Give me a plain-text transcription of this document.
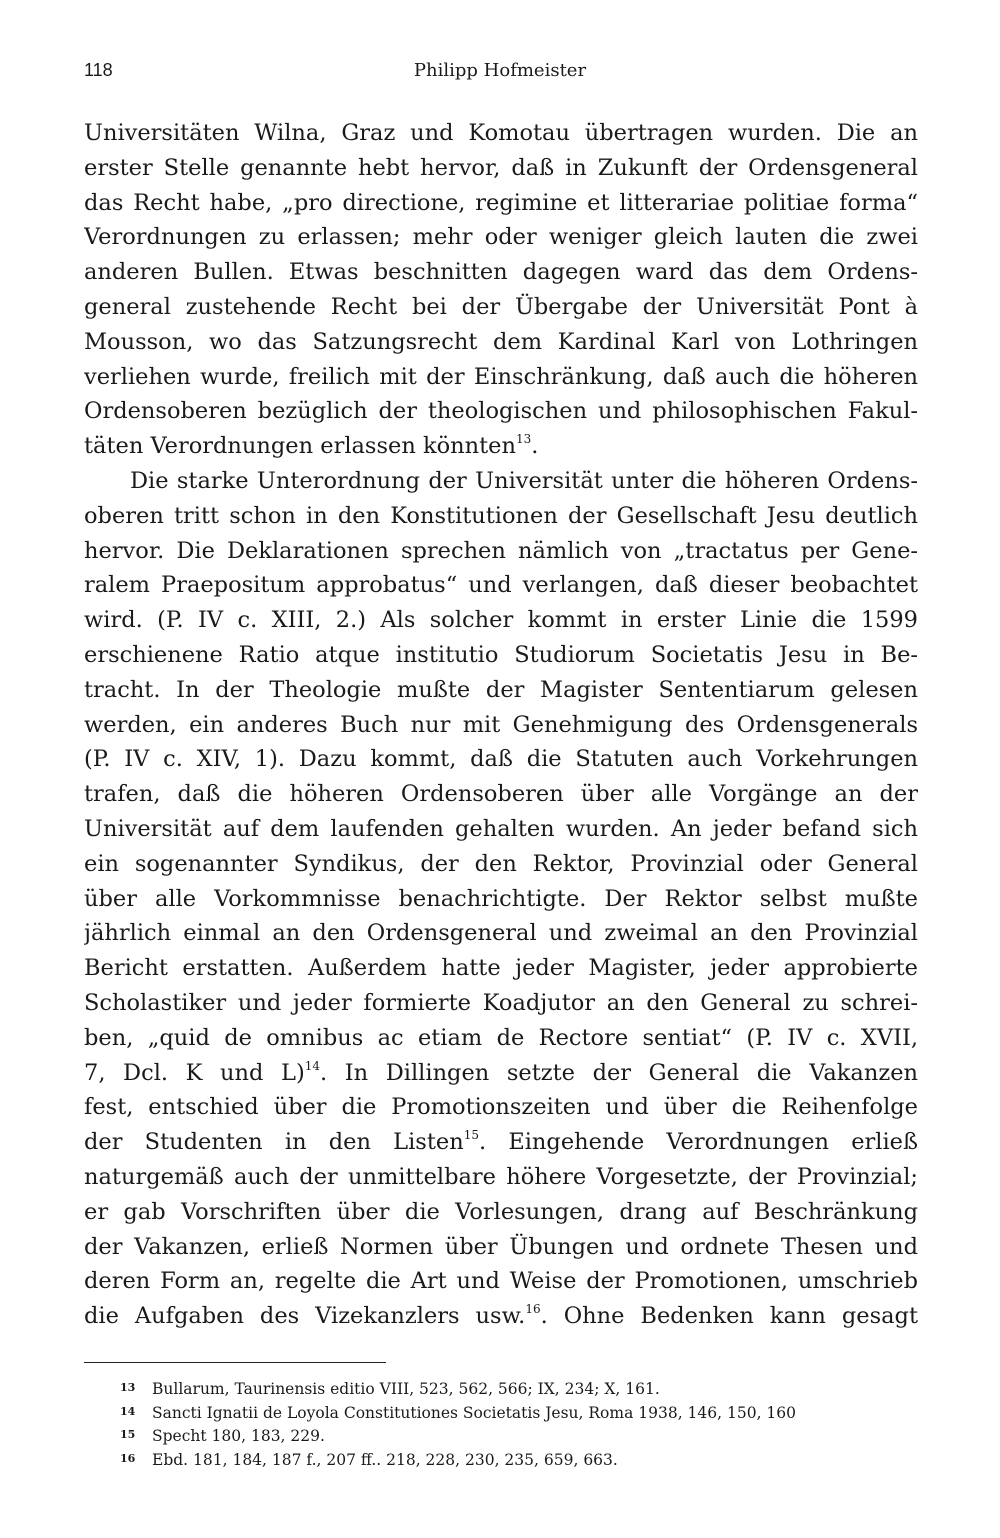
118	Philipp Hofmeister
Universitäten Wilna, Graz und Komotau übertragen wurden. Die an
erster Stelle genannte hebt hervor, daß in Zukunft der Ordensgeneral
das Recht habe, „pro directione, regimine et litterariae politiae forma“
Verordnungen zu erlassen; mehr oder weniger gleich lauten die zwei
anderen Bullen. Etwas beschnitten dagegen ward das dem Ordens-
general zustehende Recht bei der Übergabe der Universität Pont à
Mousson, wo das Satzungsrecht dem Kardinal Karl von Lothringen
verliehen wurde, freilich mit der Einschränkung, daß auch die höheren
Ordensoberen bezüglich der theologischen und philosophischen Fakul-
täten Verordnungen erlassen könnten$^{13}$.
Die starke Unterordnung der Universität unter die höheren Ordens-
oberen tritt schon in den Konstitutionen der Gesellschaft Jesu deutlich
hervor. Die Deklarationen sprechen nämlich von „tractatus per Gene-
ralem Praepositum approbatus“ und verlangen, daß dieser beobachtet
wird. (P. IV c. XIII, 2.) Als solcher kommt in erster Linie die 1599
erschienene Ratio atque institutio Studiorum Societatis Jesu in Be-
tracht. In der Theologie mußte der Magister Sententiarum gelesen
werden, ein anderes Buch nur mit Genehmigung des Ordensgenerals
(P. IV c. XIV, 1). Dazu kommt, daß die Statuten auch Vorkehrungen
trafen, daß die höheren Ordensoberen über alle Vorgänge an der
Universität auf dem laufenden gehalten wurden. An jeder befand sich
ein sogenannter Syndikus, der den Rektor, Provinzial oder General
über alle Vorkommnisse benachrichtigte. Der Rektor selbst mußte
jährlich einmal an den Ordensgeneral und zweimal an den Provinzial
Bericht erstatten. Außerdem hatte jeder Magister, jeder approbierte
Scholastiker und jeder formierte Koadjutor an den General zu schrei-
ben, „quid de omnibus ac etiam de Rectore sentiat“ (P. IV c. XVII,
7, Dcl. K und L)$^{14}$. In Dillingen setzte der General die Vakanzen
fest, entschied über die Promotionszeiten und über die Reihenfolge
der Studenten in den Listen$^{15}$. Eingehende Verordnungen erließ
naturgemäß auch der unmittelbare höhere Vorgesetzte, der Provinzial;
er gab Vorschriften über die Vorlesungen, drang auf Beschränkung
der Vakanzen, erließ Normen über Übungen und ordnete Thesen und
deren Form an, regelte die Art und Weise der Promotionen, umschrieb
die Aufgaben des Vizekanzlers usw.$^{16}$. Ohne Bedenken kann gesagt
13 Bullarum, Taurinensis editio VIII, 523, 562, 566; IX, 234; X, 161.
14 Sancti Ignatii de Loyola Constitutiones Societatis Jesu, Roma 1938, 146, 150, 160
15 Specht 180, 183, 229.
16 Ebd. 181, 184, 187 f., 207 ff.. 218, 228, 230, 235, 659, 663.
